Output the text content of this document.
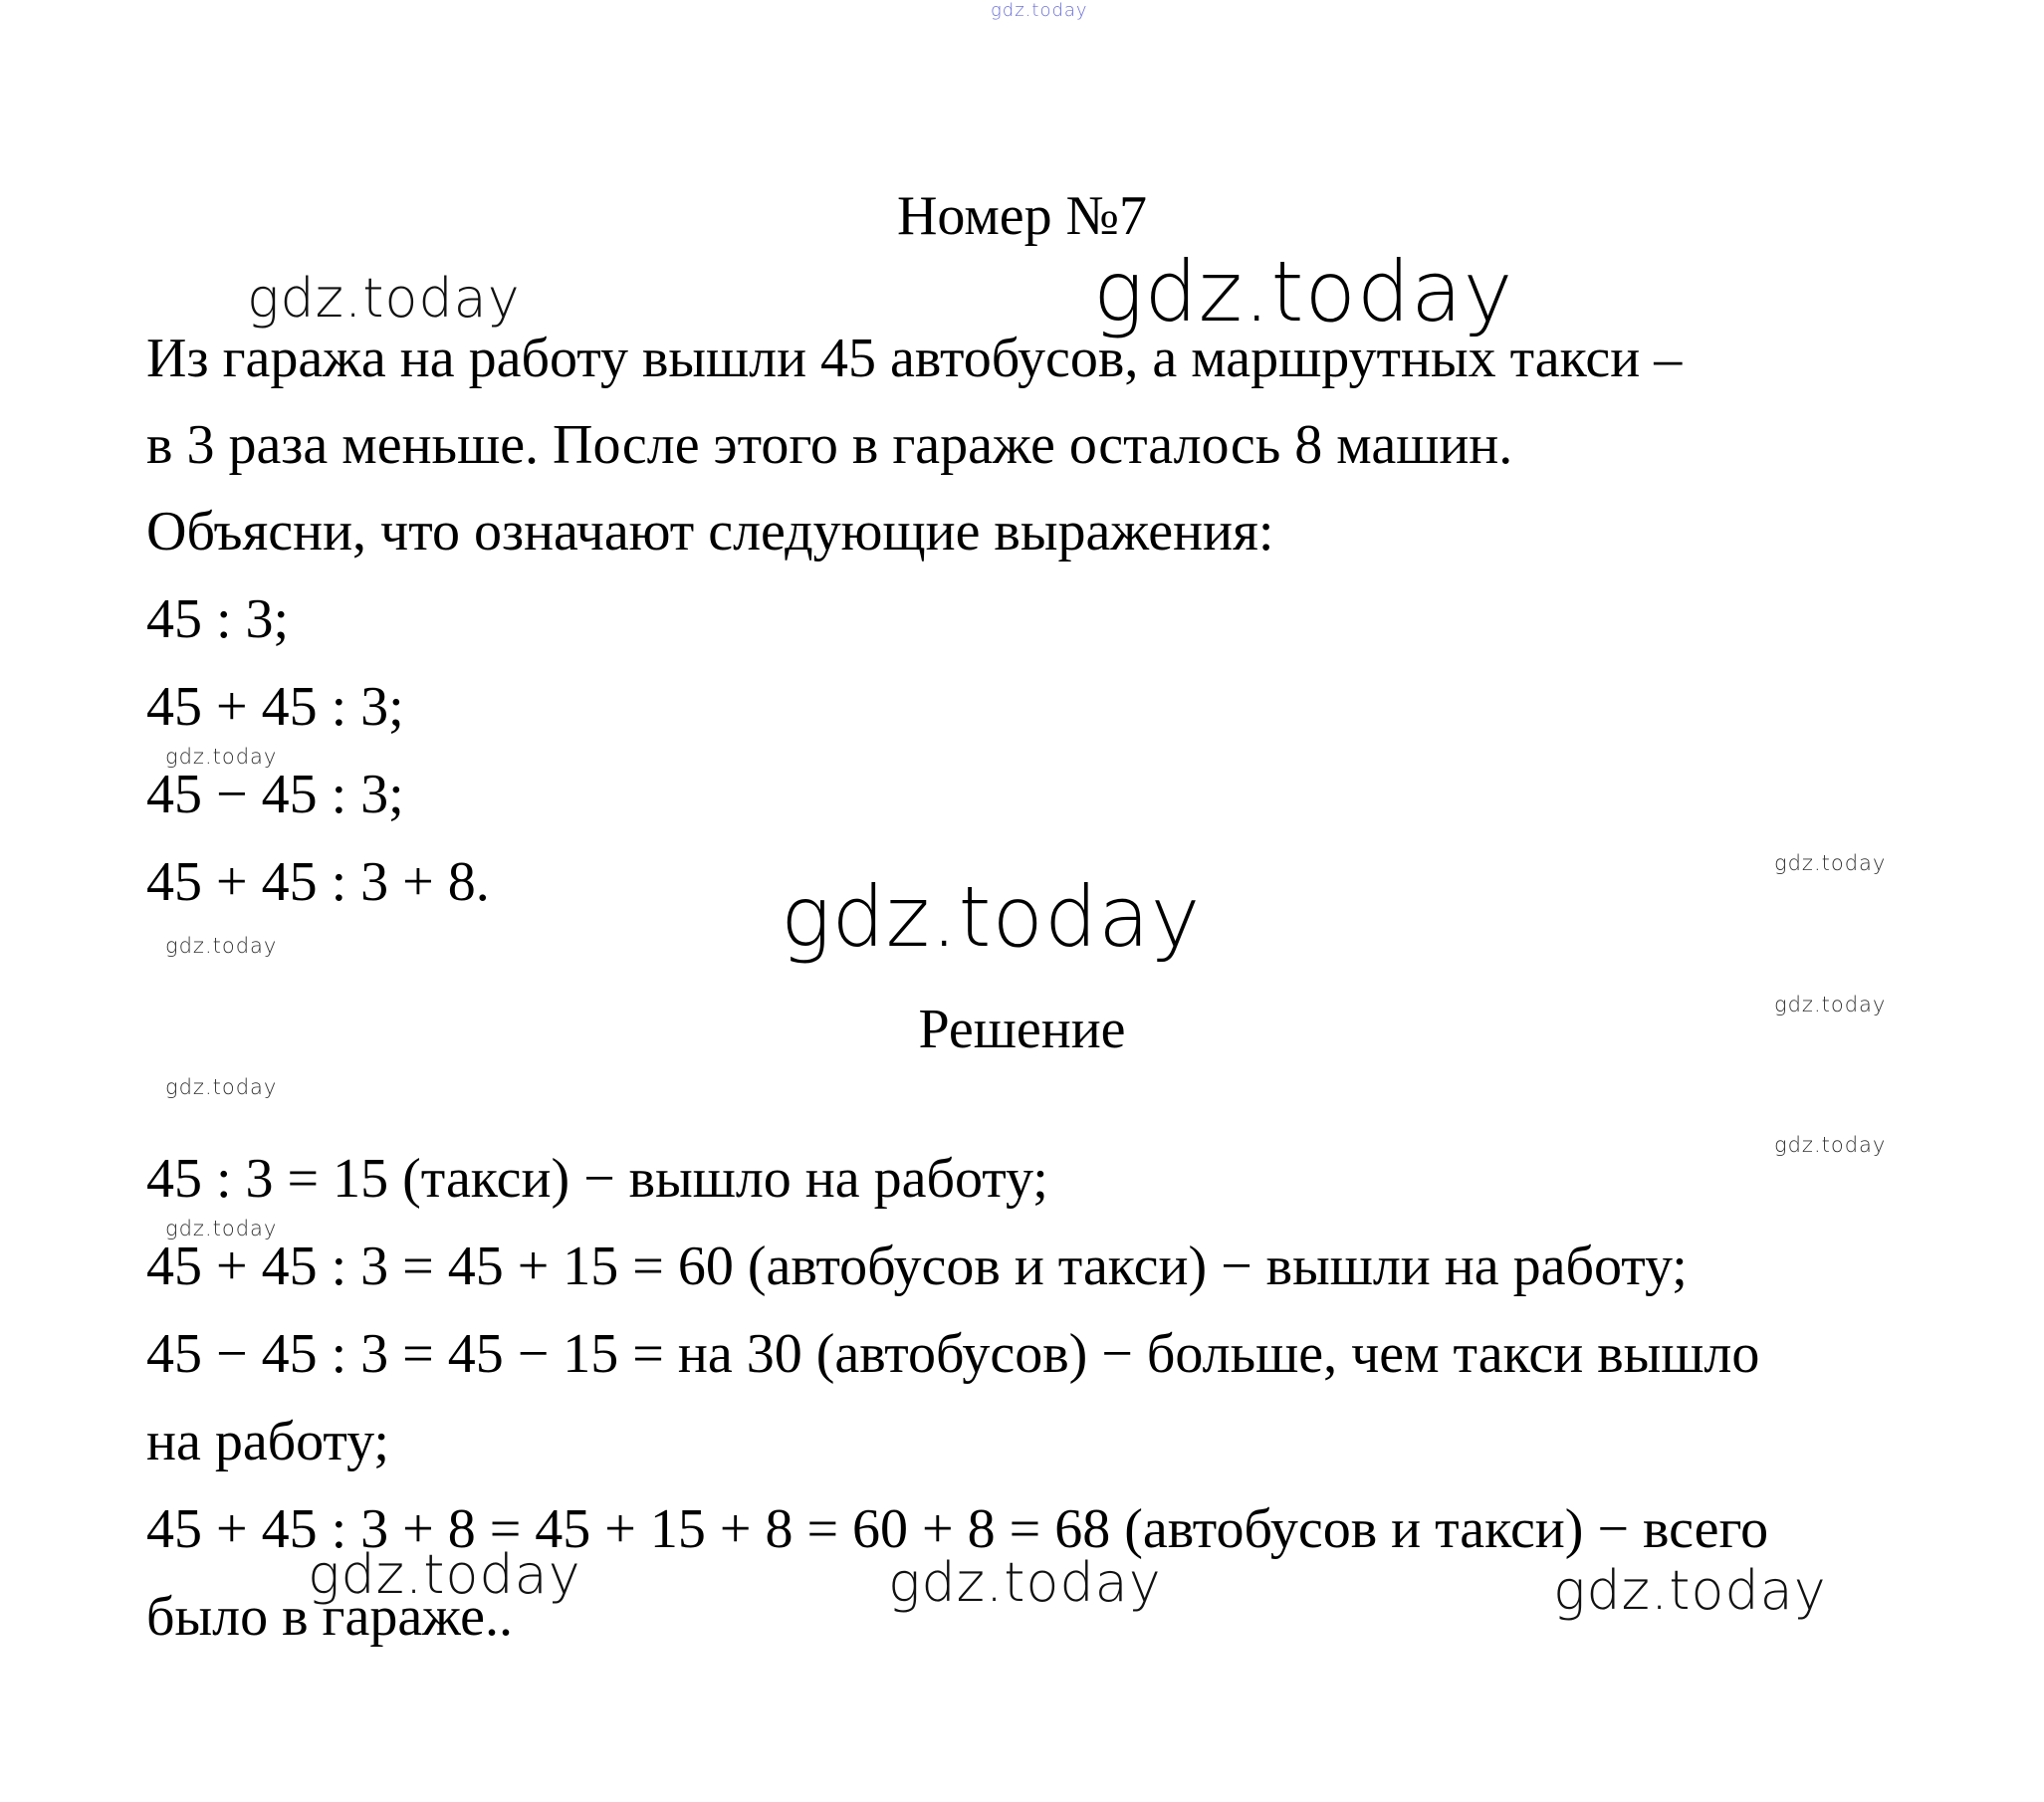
gdz.today
gdz.today	gdz.today
gdz.today
gdz.today
gdz.today
gdz.today
gdz.today
gdz.today
gdz.today
gdz.today
gdz.today	gdz.today	gdz.today
Номер №7
Из гаража на работу вышли 45 автобусов, а маршрутных такси –
в 3 раза меньше. После этого в гараже осталось 8 машин.
Объясни, что означают следующие выражения:
45 : 3;
45 + 45 : 3;
45 − 45 : 3;
45 + 45 : 3 + 8.
Решение
45 : 3 = 15 (такси) − вышло на работу;
45 + 45 : 3 = 45 + 15 = 60 (автобусов и такси) − вышли на работу;
45 − 45 : 3 = 45 − 15 = на 30 (автобусов) − больше, чем такси вышло
на работу;
45 + 45 : 3 + 8 = 45 + 15 + 8 = 60 + 8 = 68 (автобусов и такси) − всего
было в гараже..
